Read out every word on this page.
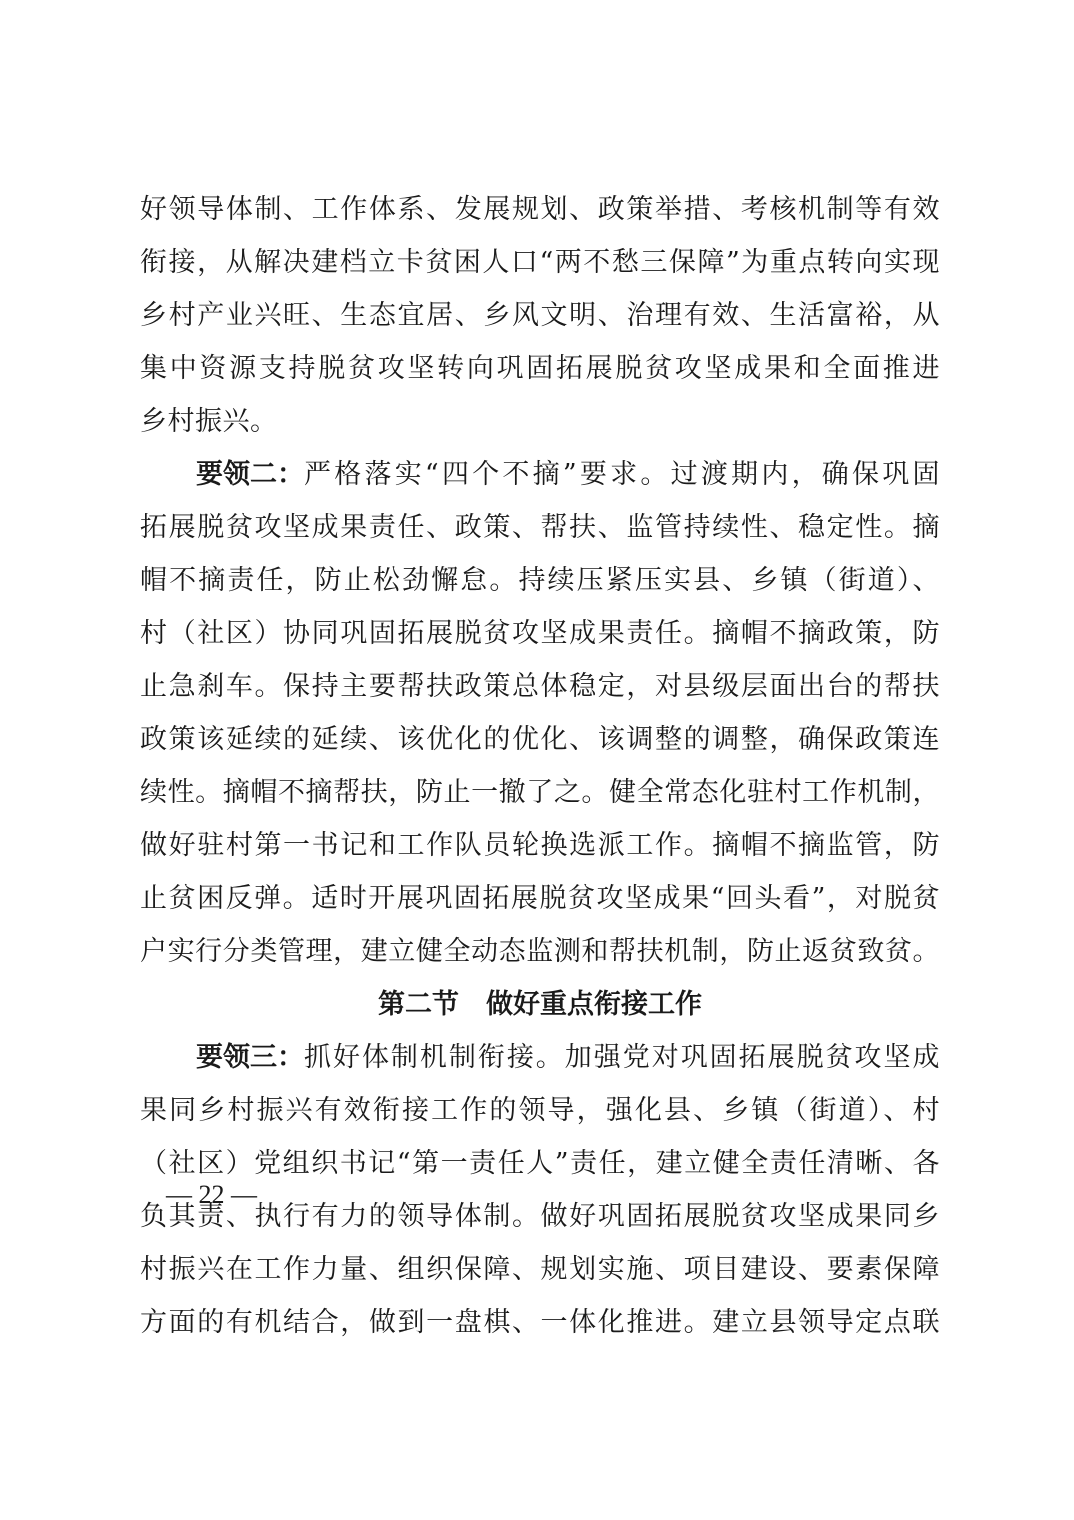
好领导体制、工作体系、发展规划、政策举措、考核机制等有效
衔接，从解决建档立卡贫困人口“两不愁三保障”为重点转向实现
乡村产业兴旺、生态宜居、乡风文明、治理有效、生活富裕，从
集中资源支持脱贫攻坚转向巩固拓展脱贫攻坚成果和全面推进
乡村振兴。
要领二： 严格落实“四个不摘”要求。过渡期内，确保巩固
拓展脱贫攻坚成果责任、政策、帮扶、监管持续性、稳定性。摘
帽不摘责任，防止松劲懈怠。持续压紧压实县、乡镇（街道）、
村（社区）协同巩固拓展脱贫攻坚成果责任。摘帽不摘政策，防
止急刹车。保持主要帮扶政策总体稳定，对县级层面出台的帮扶
政策该延续的延续、该优化的优化、该调整的调整，确保政策连
续性。摘帽不摘帮扶，防止一撤了之。健全常态化驻村工作机制，
做好驻村第一书记和工作队员轮换选派工作。摘帽不摘监管，防
止贫困反弹。适时开展巩固拓展脱贫攻坚成果“回头看”，对脱贫
户实行分类管理，建立健全动态监测和帮扶机制，防止返贫致贫。
第二节　做好重点衔接工作
要领三： 抓好体制机制衔接。加强党对巩固拓展脱贫攻坚成
果同乡村振兴有效衔接工作的领导，强化县、乡镇（街道）、村
（社区）党组织书记“第一责任人”责任，建立健全责任清晰、各
负其责、执行有力的领导体制。做好巩固拓展脱贫攻坚成果同乡
村振兴在工作力量、组织保障、规划实施、项目建设、要素保障
方面的有机结合，做到一盘棋、一体化推进。建立县领导定点联
— 22 —
